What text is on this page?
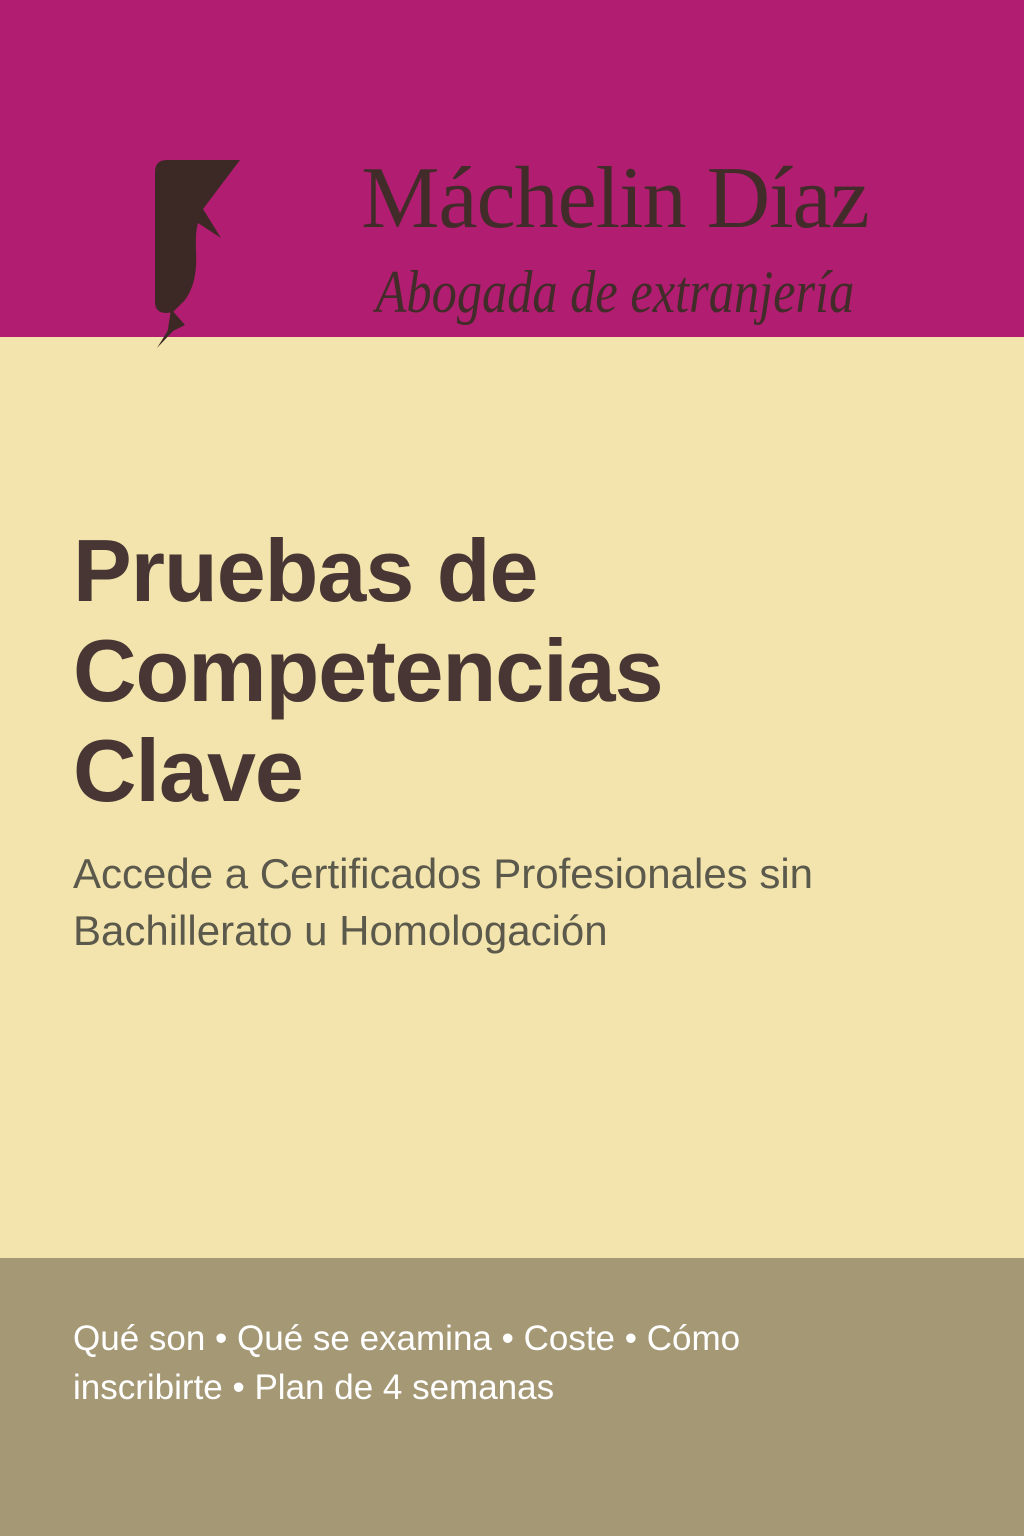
Máchelin Díaz
Abogada de extranjería
Pruebas de
Competencias
Clave

Accede a Certificados Profesionales sin
Bachillerato u Homologación

Qué son • Qué se examina • Coste • Cómo
inscribirte • Plan de 4 semanas
